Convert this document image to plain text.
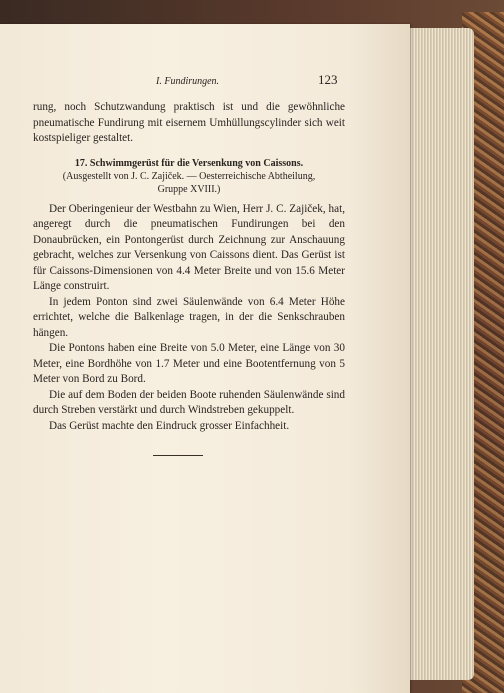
I. Fundirungen.	123

rung, noch Schutzwandung praktisch ist und die gewöhnliche pneumatische Fundirung mit eisernem Umhüllungscylinder sich weit kostspieliger gestaltet.

17. Schwimmgerüst für die Versenkung von Caissons.

(Ausgestellt von J. C. Zajiček. — Oesterreichische Abtheilung,

Gruppe XVIII.)

Der Oberingenieur der Westbahn zu Wien, Herr J. C. Zajiček, hat, angeregt durch die pneumatischen Fundirungen bei den Donaubrücken, ein Pontongerüst durch Zeichnung zur Anschauung gebracht, welches zur Versenkung von Caissons dient. Das Gerüst ist für Caissons-Dimensionen von 4.4 Meter Breite und von 15.6 Meter Länge construirt.

In jedem Ponton sind zwei Säulenwände von 6.4 Meter Höhe errichtet, welche die Balkenlage tragen, in der die Senkschrauben hängen.

Die Pontons haben eine Breite von 5.0 Meter, eine Länge von 30 Meter, eine Bordhöhe von 1.7 Meter und eine Bootentfernung von 5 Meter von Bord zu Bord.

Die auf dem Boden der beiden Boote ruhenden Säulenwände sind durch Streben verstärkt und durch Windstreben gekuppelt.

Das Gerüst machte den Eindruck grosser Einfachheit.
